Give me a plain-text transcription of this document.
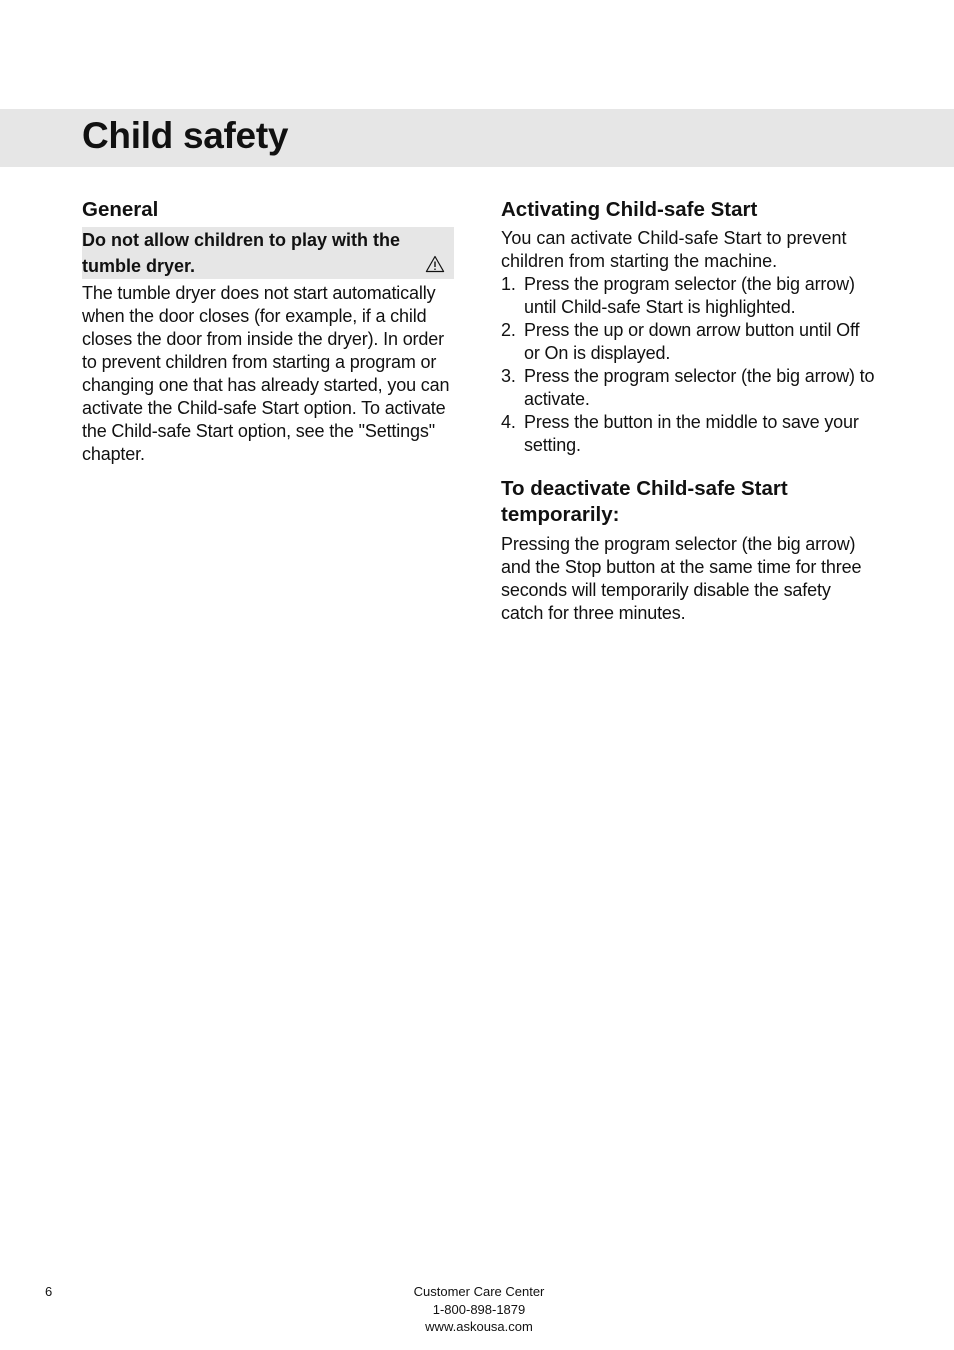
Child safety
General
Do not allow children to play with the tumble dryer.

The tumble dryer does not start automatically when the door closes (for example, if a child closes the door from inside the dryer). In order to prevent children from starting a program or changing one that has already started, you can activate the Child-safe Start option. To activate the Child-safe Start option, see the "Settings" chapter.

Activating Child-safe Start

You can activate Child-safe Start to prevent children from starting the machine.

1. Press the program selector (the big arrow) until Child-safe Start is highlighted.
2. Press the up or down arrow button until Off or On is displayed.
3. Press the program selector (the big arrow) to activate.
4. Press the button in the middle to save your setting.
To deactivate Child-safe Start temporarily:

Pressing the program selector (the big arrow) and the Stop button at the same time for three seconds will temporarily disable the safety catch for three minutes.

6	Customer Care Center
1-800-898-1879
www.askousa.com
